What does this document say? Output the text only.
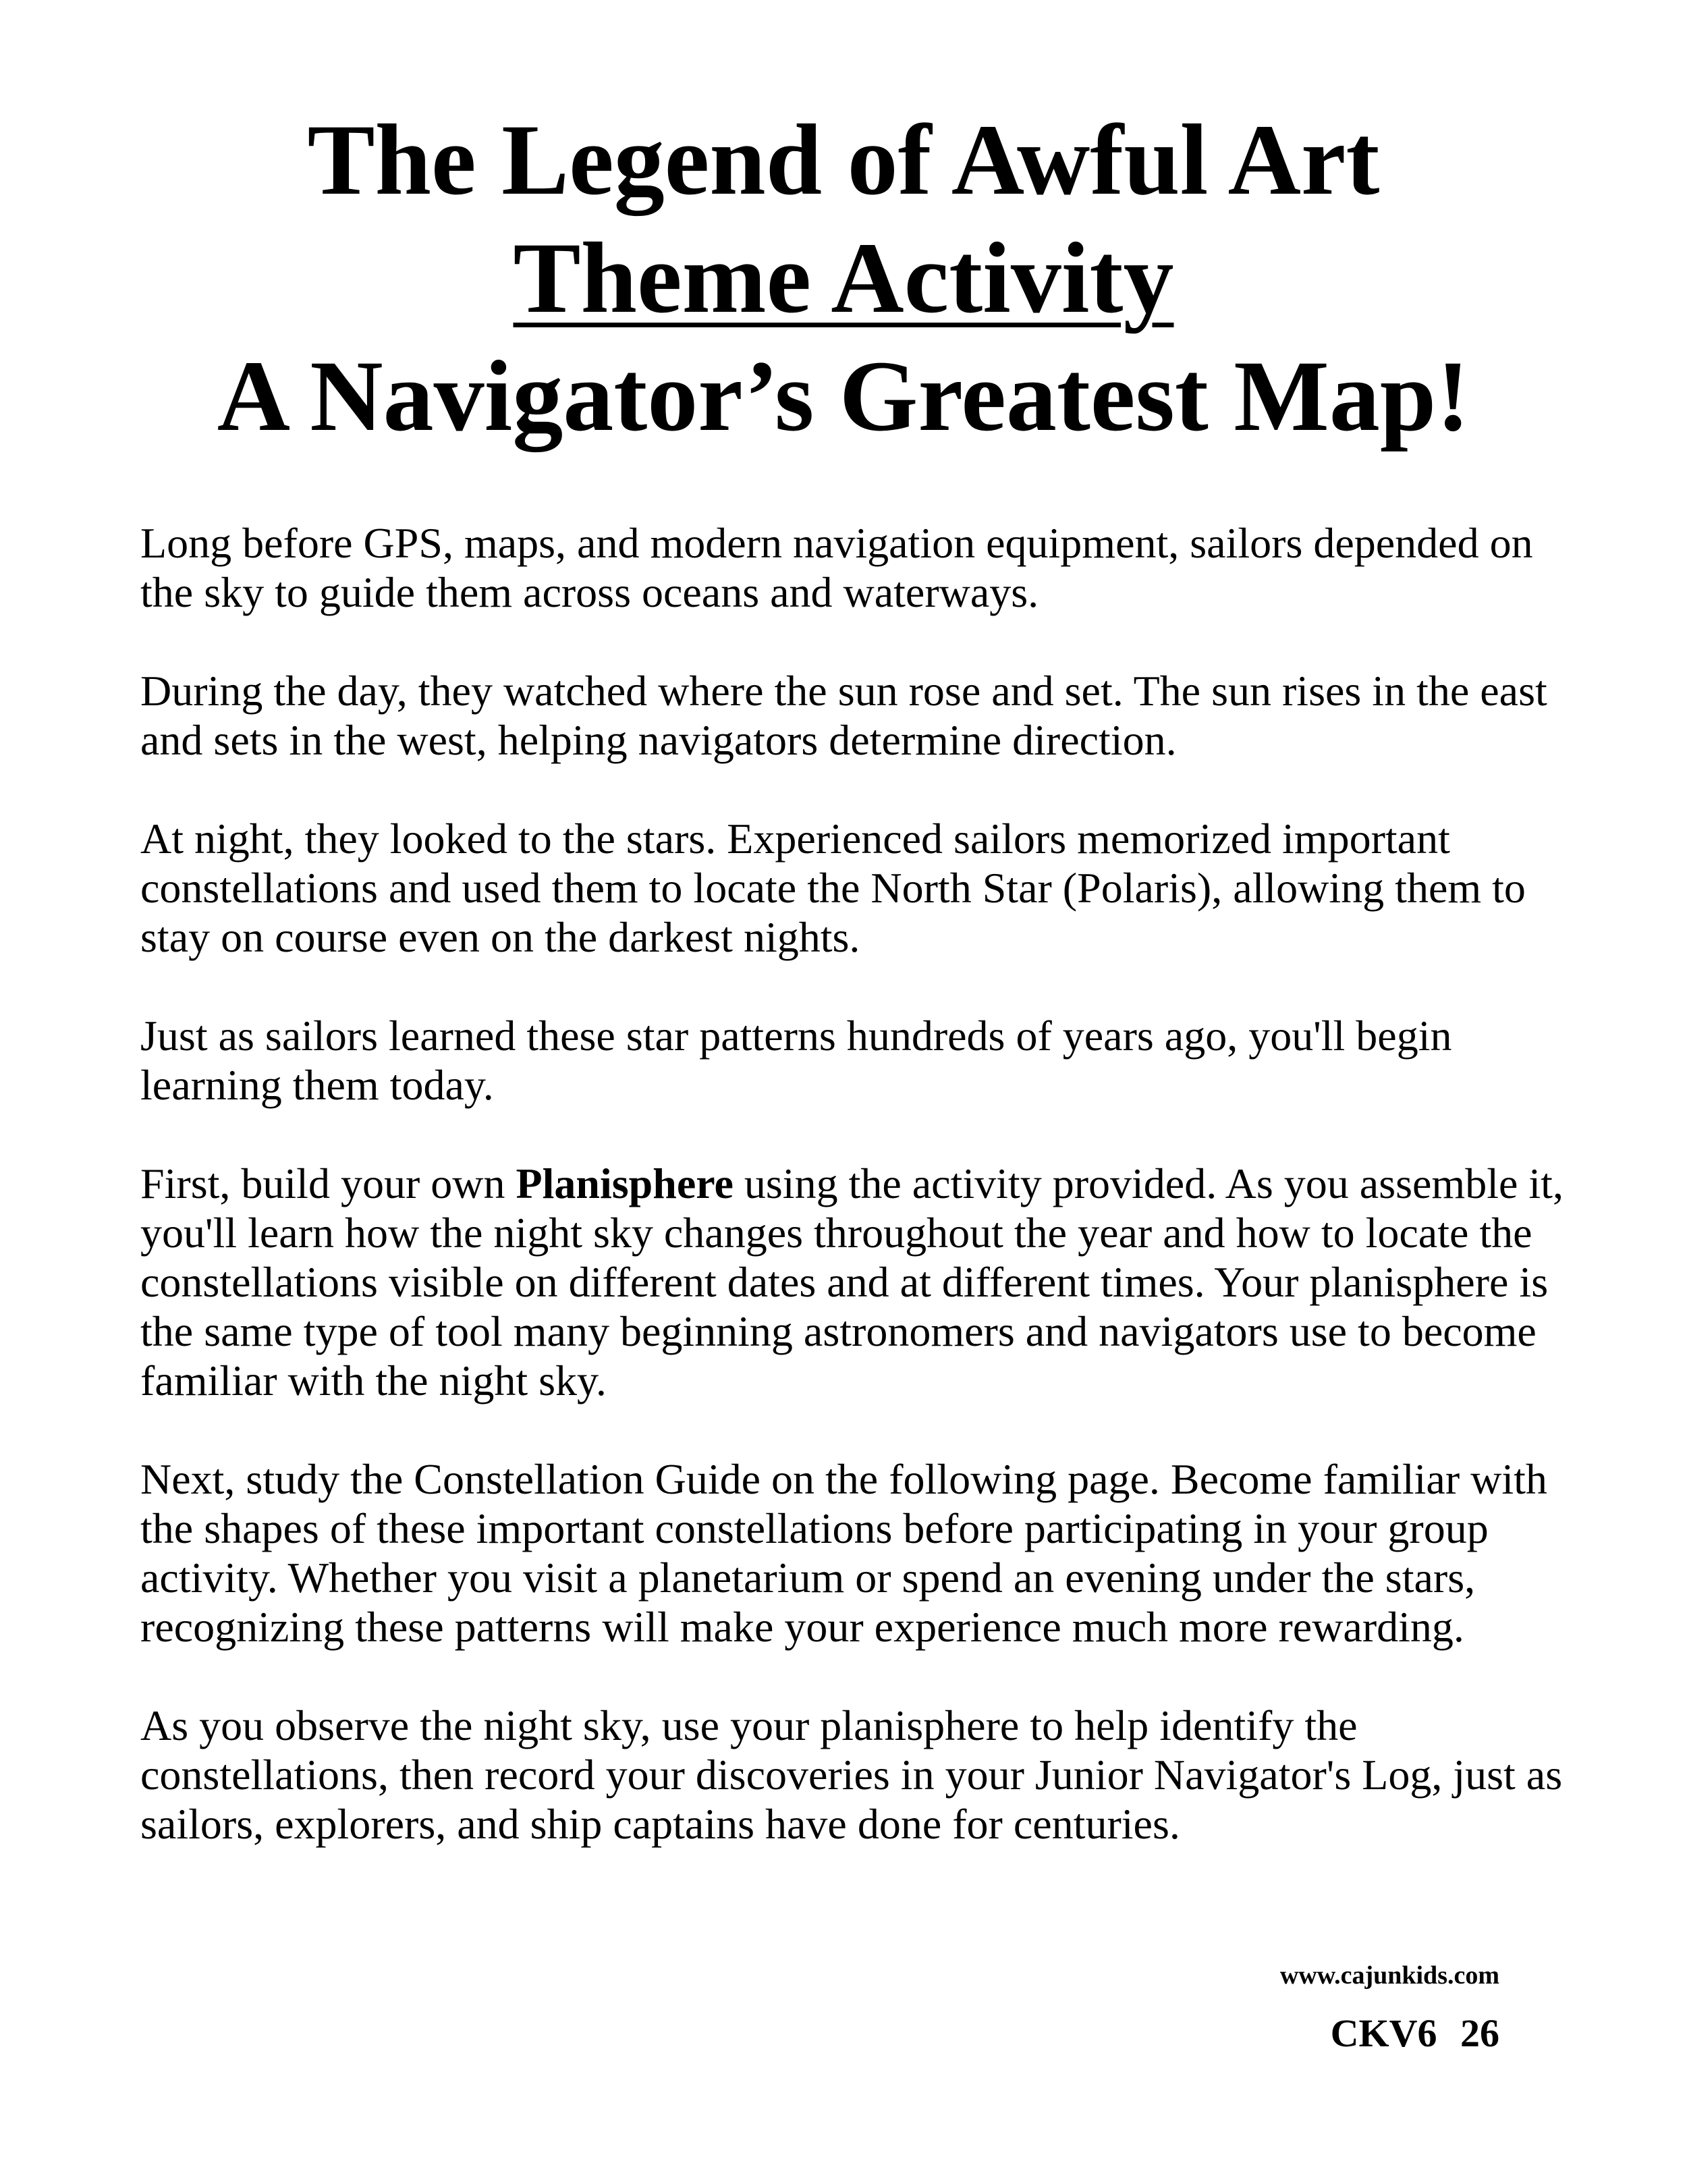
The Legend of Awful Art
Theme Activity
A Navigator’s Greatest Map!

Long before GPS, maps, and modern navigation equipment, sailors depended on the sky to guide them across oceans and waterways.

During the day, they watched where the sun rose and set. The sun rises in the east and sets in the west, helping navigators determine direction.

At night, they looked to the stars. Experienced sailors memorized important constellations and used them to locate the North Star (Polaris), allowing them to stay on course even on the darkest nights.

Just as sailors learned these star patterns hundreds of years ago, you'll begin learning them today.

First, build your own Planisphere using the activity provided. As you assemble it, you'll learn how the night sky changes throughout the year and how to locate the constellations visible on different dates and at different times. Your planisphere is the same type of tool many beginning astronomers and navigators use to become familiar with the night sky.

Next, study the Constellation Guide on the following page. Become familiar with the shapes of these important constellations before participating in your group activity. Whether you visit a planetarium or spend an evening under the stars, recognizing these patterns will make your experience much more rewarding.

As you observe the night sky, use your planisphere to help identify the constellations, then record your discoveries in your Junior Navigator's Log, just as sailors, explorers, and ship captains have done for centuries.

www.cajunkids.com
CKV6 26
